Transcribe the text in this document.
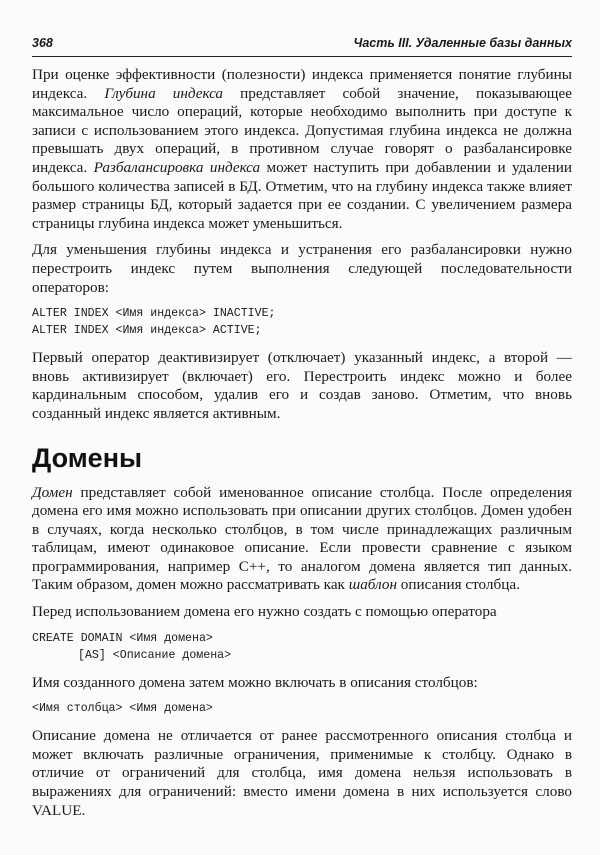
368	Часть III. Удаленные базы данных

При оценке эффективности (полезности) индекса применяется понятие глубины индекса. Глубина индекса представляет собой значение, показывающее максимальное число операций, которые необходимо выполнить при доступе к записи с использованием этого индекса. Допустимая глубина индекса не должна превышать двух операций, в противном случае говорят о разбалансировке индекса. Разбалансировка индекса может наступить при добавлении и удалении большого количества записей в БД. Отметим, что на глубину индекса также влияет размер страницы БД, который задается при ее создании. С увеличением размера страницы глубина индекса может уменьшиться.

Для уменьшения глубины индекса и устранения его разбалансировки нужно перестроить индекс путем выполнения следующей последовательности операторов:

ALTER INDEX <Имя индекса> INACTIVE;
ALTER INDEX <Имя индекса> ACTIVE;

Первый оператор деактивизирует (отключает) указанный индекс, а второй — вновь активизирует (включает) его. Перестроить индекс можно и более кардинальным способом, удалив его и создав заново. Отметим, что вновь созданный индекс является активным.

Домены

Домен представляет собой именованное описание столбца. После определения домена его имя можно использовать при описании других столбцов. Домен удобен в случаях, когда несколько столбцов, в том числе принадлежащих различным таблицам, имеют одинаковое описание. Если провести сравнение с языком программирования, например C++, то аналогом домена является тип данных. Таким образом, домен можно рассматривать как шаблон описания столбца.

Перед использованием домена его нужно создать с помощью оператора

CREATE DOMAIN <Имя домена>
[AS] <Описание домена>

Имя созданного домена затем можно включать в описания столбцов:

<Имя столбца> <Имя домена>

Описание домена не отличается от ранее рассмотренного описания столбца и может включать различные ограничения, применимые к столбцу. Однако в отличие от ограничений для столбца, имя домена нельзя использовать в выражениях для ограничений: вместо имени домена в них используется слово VALUE.
